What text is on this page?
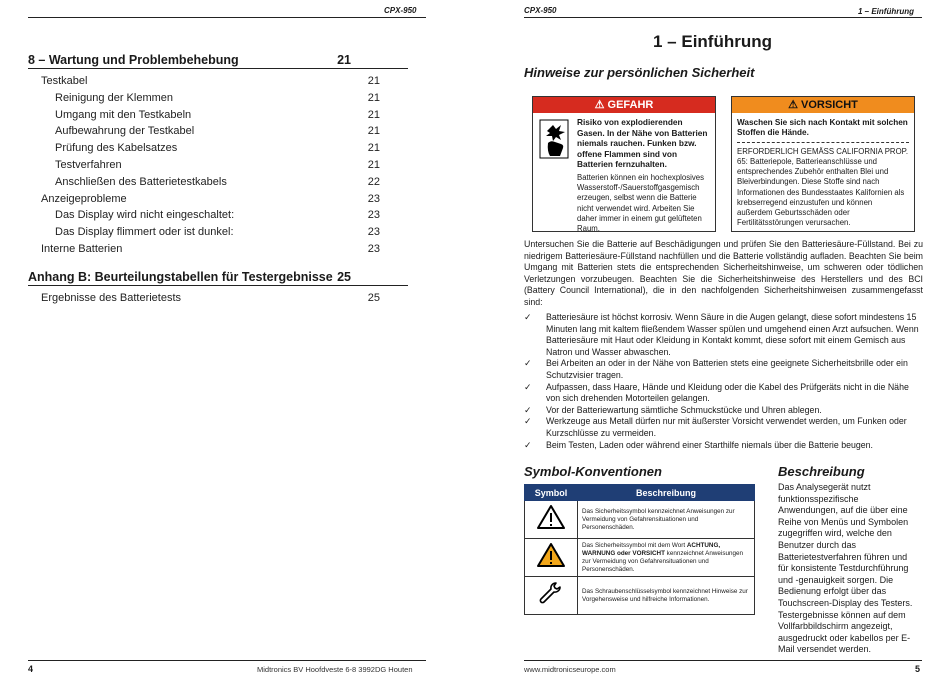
CPX-950
8 – Wartung und Problembehebung	21
Testkabel	21
Reinigung der Klemmen	21
Umgang mit den Testkabeln	21
Aufbewahrung der Testkabel	21
Prüfung des Kabelsatzes	21
Testverfahren	21
Anschließen des Batterietestkabels	22
Anzeigeprobleme	23
Das Display wird nicht eingeschaltet:	23
Das Display flimmert oder ist dunkel:	23
Interne Batterien	23
Anhang B: Beurteilungstabellen für Testergebnisse 25
Ergebnisse des Batterietests	25
4	Midtronics BV Hoofdveste 6-8 3992DG Houten
CPX-950	1 – Einführung
1 – Einführung
Hinweise zur persönlichen Sicherheit
⚠ GEFAHR
Risiko von explodierenden Gasen. In der Nähe von Batterien niemals rauchen. Funken bzw. offene Flammen sind von Batterien fernzuhalten.
Batterien können ein hochexplosives Wasserstoff-/Sauerstoffgasgemisch erzeugen, selbst wenn die Batterie nicht verwendet wird. Arbeiten Sie daher immer in einem gut gelüfteten Raum.
⚠ VORSICHT
Waschen Sie sich nach Kontakt mit solchen Stoffen die Hände.
ERFORDERLICH GEMÄSS CALIFORNIA PROP. 65: Batteriepole, Batterieanschlüsse und entsprechendes Zubehör enthalten Blei und Bleiverbindungen. Diese Stoffe sind nach Informationen des Bundesstaates Kalifornien als krebserregend einzustufen und können außerdem Geburtsschäden oder Fertilitätsstörungen verursachen.
Untersuchen Sie die Batterie auf Beschädigungen und prüfen Sie den Batteriesäure-Füllstand. Bei zu niedrigem Batteriesäure-Füllstand nachfüllen und die Batterie vollständig aufladen. Beachten Sie beim Umgang mit Batterien stets die entsprechenden Sicherheitshinweise, um schweren oder tödlichen Verletzungen vorzubeugen. Beachten Sie die Sicherheitshinweise des Herstellers und des BCI (Battery Council International), die in den nachfolgenden Sicherheitshinweisen zusammengefasst sind:
✓ Batteriesäure ist höchst korrosiv. Wenn Säure in die Augen gelangt, diese sofort mindestens 15 Minuten lang mit kaltem fließendem Wasser spülen und umgehend einen Arzt aufsuchen. Wenn Batteriesäure mit Haut oder Kleidung in Kontakt kommt, diese sofort mit einem Gemisch aus Natron und Wasser abwaschen.
✓ Bei Arbeiten an oder in der Nähe von Batterien stets eine geeignete Sicherheitsbrille oder ein Schutzvisier tragen.
✓ Aufpassen, dass Haare, Hände und Kleidung oder die Kabel des Prüfgeräts nicht in die Nähe von sich drehenden Motorteilen gelangen.
✓ Vor der Batteriewartung sämtliche Schmuckstücke und Uhren ablegen.
✓ Werkzeuge aus Metall dürfen nur mit äußerster Vorsicht verwendet werden, um Funken oder Kurzschlüsse zu vermeiden.
✓ Beim Testen, Laden oder während einer Starthilfe niemals über die Batterie beugen.
Symbol-Konventionen
Symbol	Beschreibung
	Das Sicherheitssymbol kennzeichnet Anweisungen zur Vermeidung von Gefahrensituationen und Personenschäden.
	Das Sicherheitssymbol mit dem Wort ACHTUNG, WARNUNG oder VORSICHT kennzeichnet Anweisungen zur Vermeidung von Gefahrensituationen und Personenschäden.
	Das Schraubenschlüsselsymbol kennzeichnet Hinweise zur Vorgehensweise und hilfreiche Informationen.
Beschreibung
Das Analysegerät nutzt funktionsspezifische Anwendungen, auf die über eine Reihe von Menüs und Symbolen zugegriffen wird, welche den Benutzer durch das Batterietestverfahren führen und für konsistente Testdurchführung und -genauigkeit sorgen. Die Bedienung erfolgt über das Touchscreen-Display des Testers. Testergebnisse können auf dem Vollfarbbildschirm angezeigt, ausgedruckt oder kabellos per E-Mail versendet werden.
www.midtronicseurope.com	5
